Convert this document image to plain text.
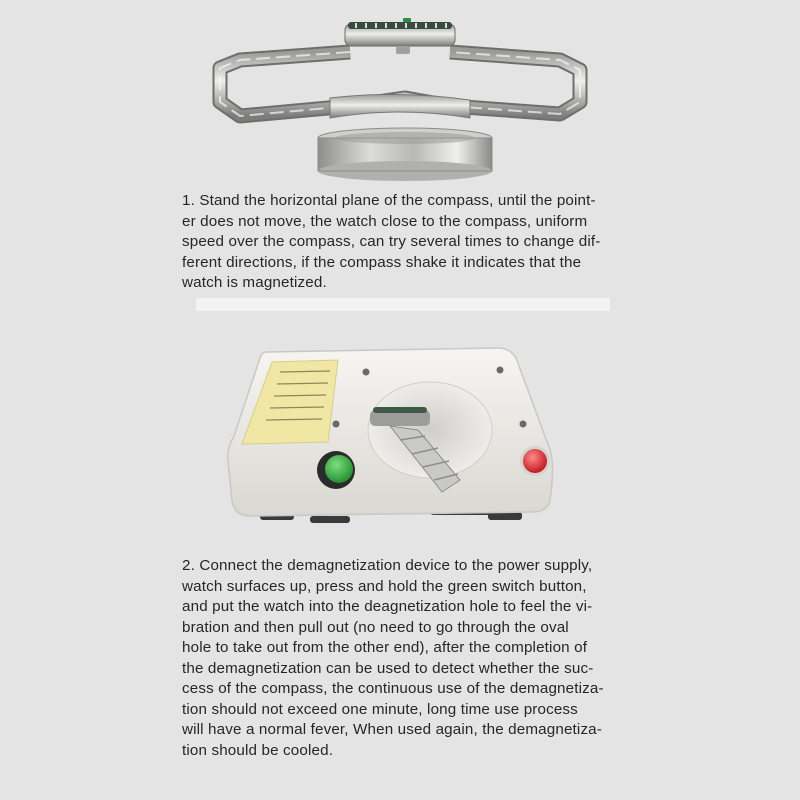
1. Stand the horizontal plane of the compass, until the point-
er does not move, the watch close to the compass, uniform
speed over the compass, can try several times to change dif-
ferent directions, if the compass shake it indicates that the
watch is magnetized.

2. Connect the demagnetization device to the power supply,
watch surfaces up, press and hold the green switch button,
and put the watch into the deagnetization hole to feel the vi-
bration and then pull out (no need to go through the oval
hole to take out from the other end), after the completion of
the demagnetization can be used to detect whether the suc-
cess of the compass, the continuous use of the demagnetiza-
tion should not exceed one minute, long time use process
will have a normal fever, When used again, the demagnetiza-
tion should be cooled.
